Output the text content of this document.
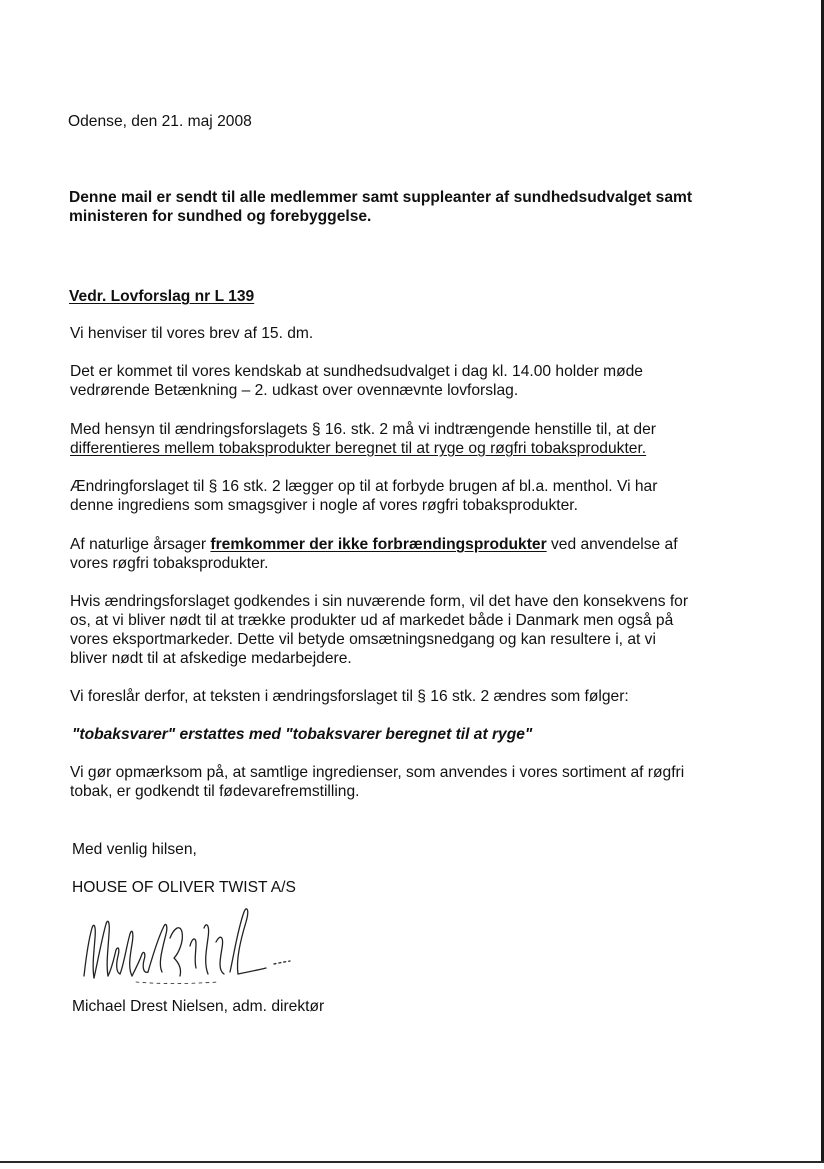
Odense, den 21. maj 2008

Denne mail er sendt til alle medlemmer samt suppleanter af sundhedsudvalget samt

ministeren for sundhed og forebyggelse.

Vedr. Lovforslag nr L 139

Vi henviser til vores brev af 15. dm.

Det er kommet til vores kendskab at sundhedsudvalget i dag kl. 14.00 holder møde

vedrørende Betænkning – 2. udkast over ovennævnte lovforslag.

Med hensyn til ændringsforslagets § 16. stk. 2 må vi indtrængende henstille til, at der

differentieres mellem tobaksprodukter beregnet til at ryge og røgfri tobaksprodukter.

Ændringforslaget til § 16 stk. 2 lægger op til at forbyde brugen af bl.a. menthol. Vi har

denne ingrediens som smagsgiver i nogle af vores røgfri tobaksprodukter.

Af naturlige årsager fremkommer der ikke forbrændingsprodukter ved anvendelse af

vores røgfri tobaksprodukter.

Hvis ændringsforslaget godkendes i sin nuværende form, vil det have den konsekvens for

os, at vi bliver nødt til at trække produkter ud af markedet både i Danmark men også på

vores eksportmarkeder. Dette vil betyde omsætningsnedgang og kan resultere i, at vi

bliver nødt til at afskedige medarbejdere.

Vi foreslår derfor, at teksten i ændringsforslaget til § 16 stk. 2 ændres som følger:

"tobaksvarer" erstattes med "tobaksvarer beregnet til at ryge"

Vi gør opmærksom på, at samtlige ingredienser, som anvendes i vores sortiment af røgfri

tobak, er godkendt til fødevarefremstilling.

Med venlig hilsen,

HOUSE OF OLIVER TWIST A/S

Michael Drest Nielsen, adm. direktør
